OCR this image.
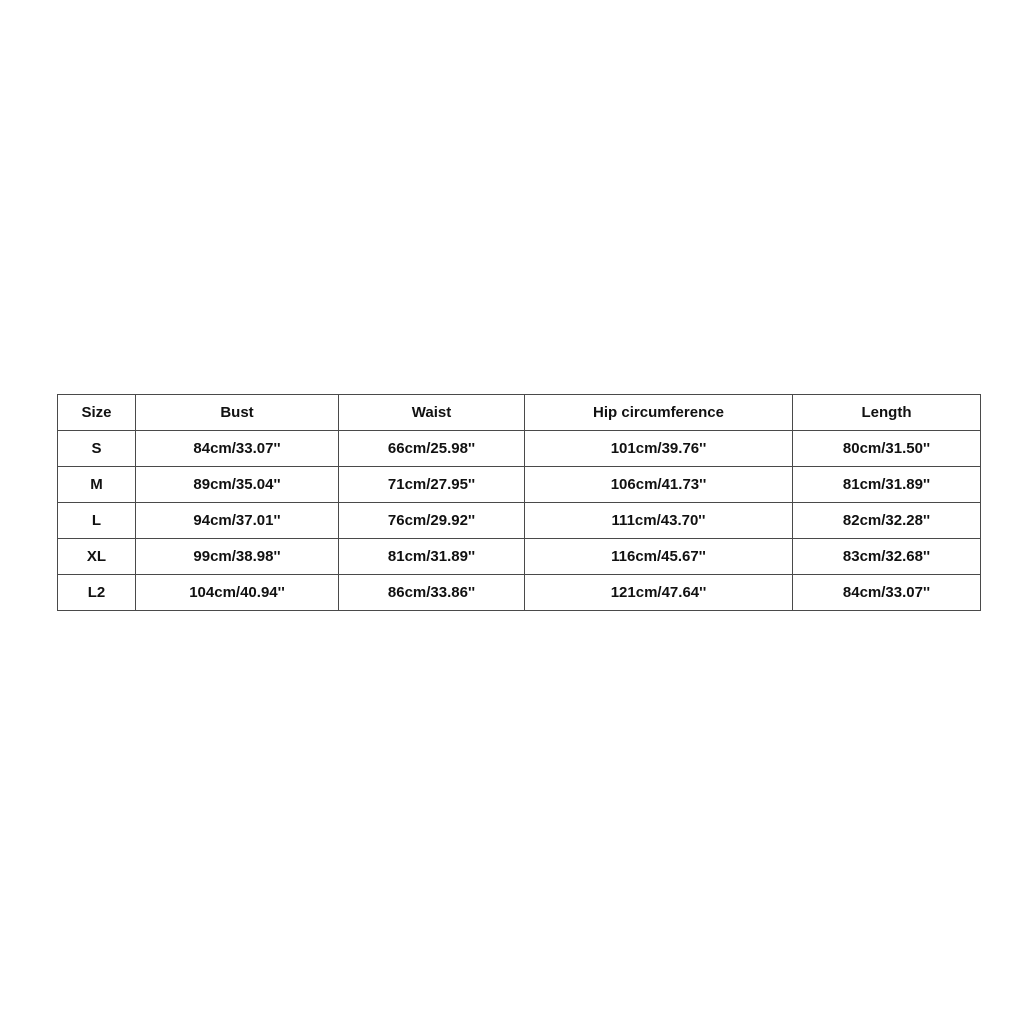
Size	Bust	Waist	Hip circumference	Length
S	84cm/33.07''	66cm/25.98''	101cm/39.76''	80cm/31.50''
M	89cm/35.04''	71cm/27.95''	106cm/41.73''	81cm/31.89''
L	94cm/37.01''	76cm/29.92''	111cm/43.70''	82cm/32.28''
XL	99cm/38.98''	81cm/31.89''	116cm/45.67''	83cm/32.68''
L2	104cm/40.94''	86cm/33.86''	121cm/47.64''	84cm/33.07''
